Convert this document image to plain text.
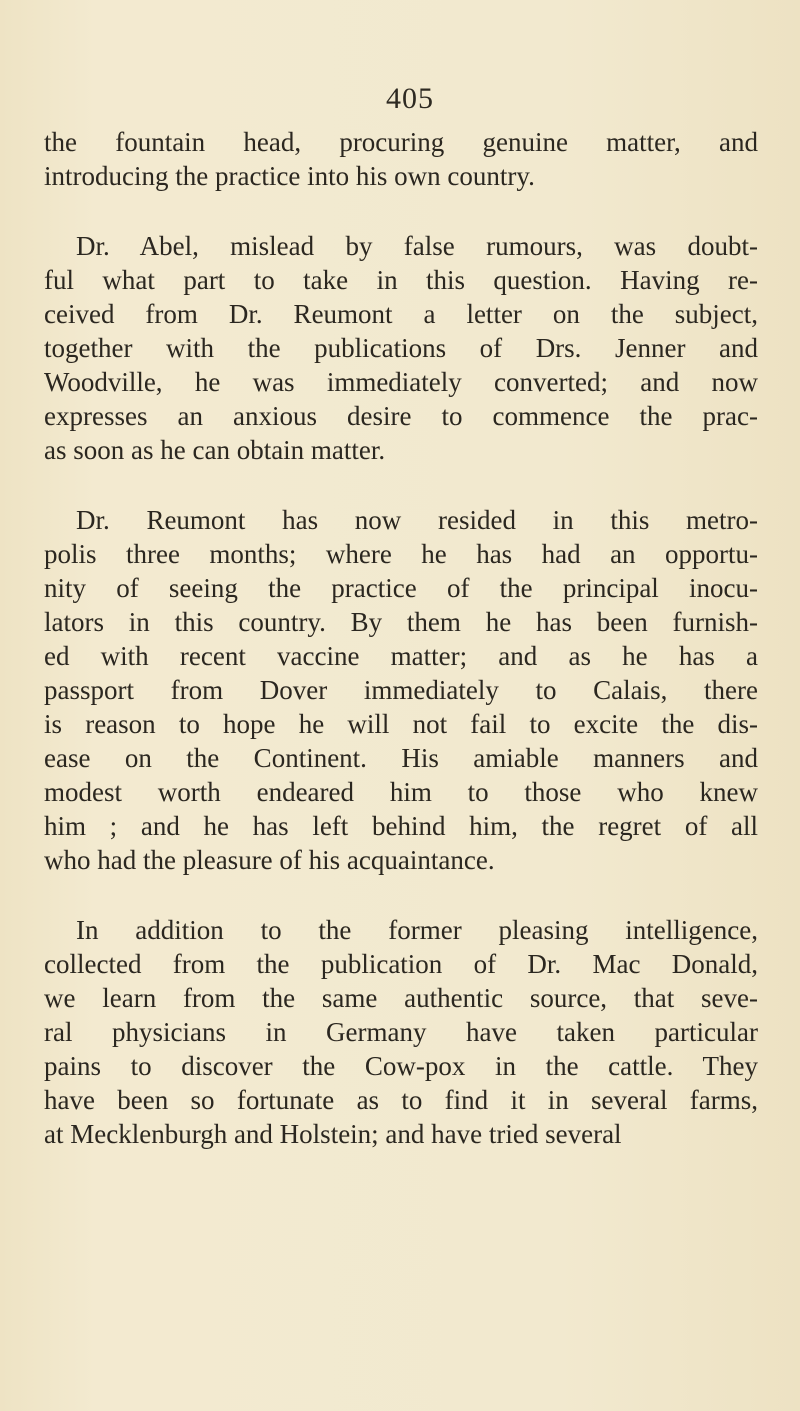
405
the fountain head, procuring genuine matter, and
introducing the practice into his own country.
Dr. Abel, mislead by false rumours, was doubt-
ful what part to take in this question. Having re-
ceived from Dr. Reumont a letter on the subject,
together with the publications of Drs. Jenner and
Woodville, he was immediately converted; and now
expresses an anxious desire to commence the prac-
as soon as he can obtain matter.
Dr. Reumont has now resided in this metro-
polis three months; where he has had an opportu-
nity of seeing the practice of the principal inocu-
lators in this country. By them he has been furnish-
ed with recent vaccine matter; and as he has a
passport from Dover immediately to Calais, there
is reason to hope he will not fail to excite the dis-
ease on the Continent. His amiable manners and
modest worth endeared him to those who knew
him ; and he has left behind him, the regret of all
who had the pleasure of his acquaintance.
In addition to the former pleasing intelligence,
collected from the publication of Dr. Mac Donald,
we learn from the same authentic source, that seve-
ral physicians in Germany have taken particular
pains to discover the Cow-pox in the cattle. They
have been so fortunate as to find it in several farms,
at Mecklenburgh and Holstein; and have tried several
